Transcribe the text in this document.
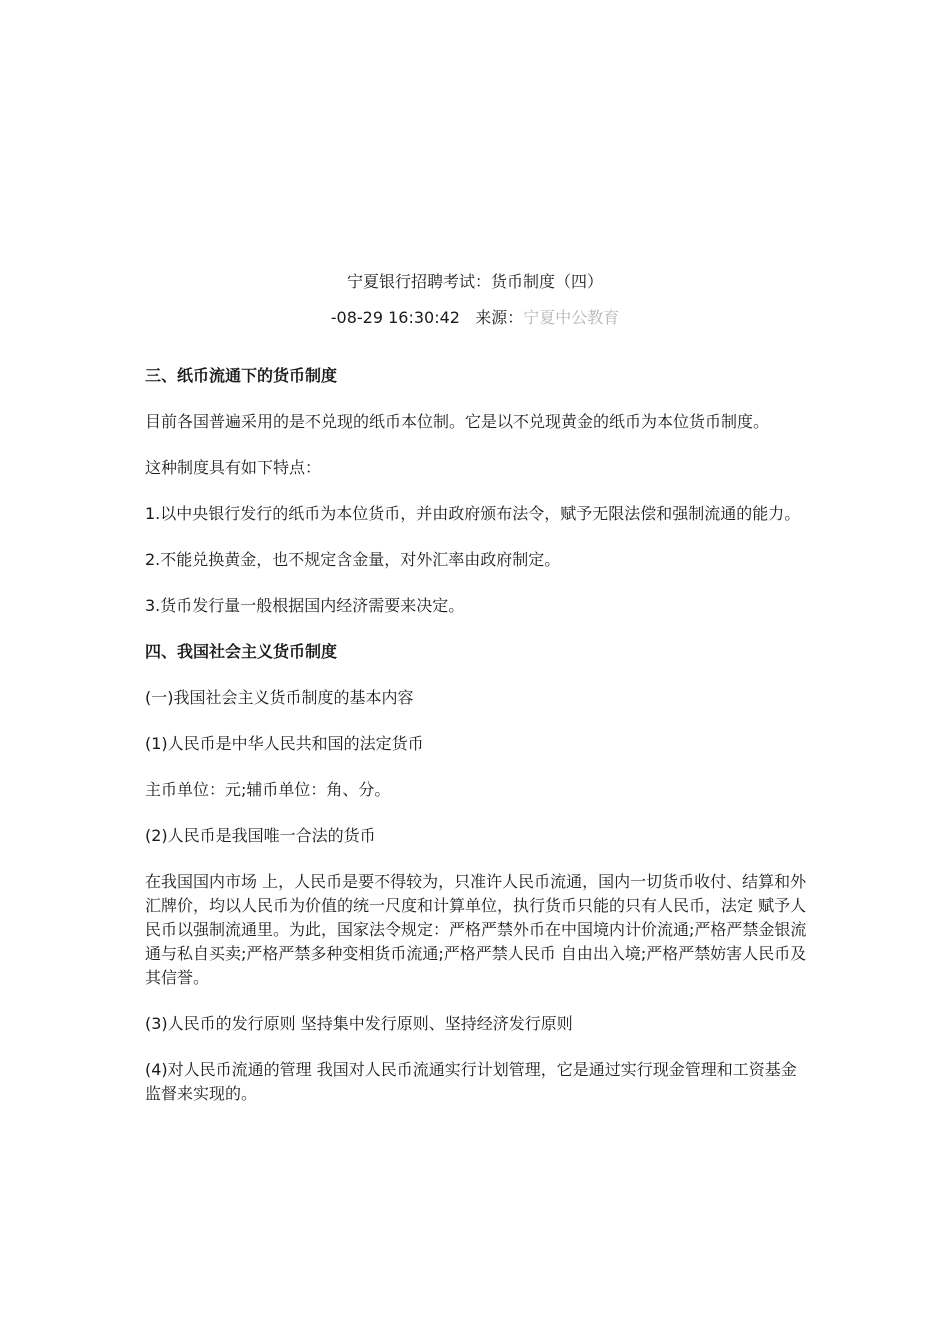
宁夏银行招聘考试：货币制度（四）
-08-29 16:30:42 来源：宁夏中公教育

三、纸币流通下的货币制度

目前各国普遍采用的是不兑现的纸币本位制。它是以不兑现黄金的纸币为本位货币制度。

这种制度具有如下特点：

1.以中央银行发行的纸币为本位货币，并由政府颁布法令，赋予无限法偿和强制流通的能力。

2.不能兑换黄金，也不规定含金量，对外汇率由政府制定。

3.货币发行量一般根据国内经济需要来决定。

四、我国社会主义货币制度

(一)我国社会主义货币制度的基本内容

(1)人民币是中华人民共和国的法定货币

主币单位：元;辅币单位：角、分。

(2)人民币是我国唯一合法的货币

在我国国内市场 上，人民币是要不得较为，只准许人民币流通，国内一切货币收付、结算和外汇牌价，均以人民币为价值的统一尺度和计算单位，执行货币只能的只有人民币，法定 赋予人民币以强制流通里。为此，国家法令规定：严格严禁外币在中国境内计价流通;严格严禁金银流通与私自买卖;严格严禁多种变相货币流通;严格严禁人民币 自由出入境;严格严禁妨害人民币及其信誉。

(3)人民币的发行原则 坚持集中发行原则、坚持经济发行原则

(4)对人民币流通的管理 我国对人民币流通实行计划管理，它是通过实行现金管理和工资基金监督来实现的。
